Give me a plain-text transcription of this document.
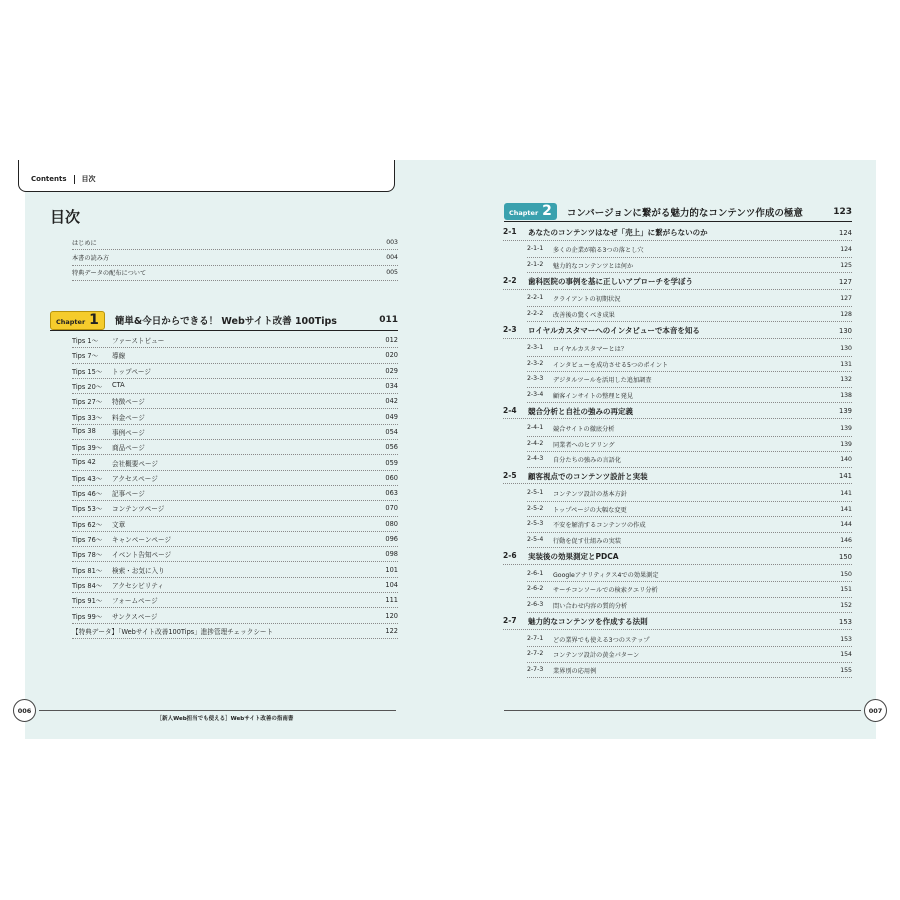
Contents 目次
目次
はじめに	003
本書の読み方	004
特典データの配布について	005
Chapter 1 簡単&今日からできる！ Webサイト改善 100Tips	011
Tips 1〜	ファーストビュー	012
Tips 7〜	導線	020
Tips 15〜	トップページ	029
Tips 20〜	CTA	034
Tips 27〜	特徴ページ	042
Tips 33〜	料金ページ	049
Tips 38	事例ページ	054
Tips 39〜	商品ページ	056
Tips 42	会社概要ページ	059
Tips 43〜	アクセスページ	060
Tips 46〜	記事ページ	063
Tips 53〜	コンテンツページ	070
Tips 62〜	文章	080
Tips 76〜	キャンペーンページ	096
Tips 78〜	イベント告知ページ	098
Tips 81〜	検索・お気に入り	101
Tips 84〜	アクセシビリティ	104
Tips 91〜	フォームページ	111
Tips 99〜	サンクスページ	120
【特典データ】「Webサイト改善100Tips」進捗管理チェックシート	122
Chapter 2 コンバージョンに繋がる魅力的なコンテンツ作成の極意	123
2-1	あなたのコンテンツはなぜ「売上」に繋がらないのか	124
2-1-1	多くの企業が陥る3つの落とし穴	124
2-1-2	魅力的なコンテンツとは何か	125
2-2	歯科医院の事例を基に正しいアプローチを学ぼう	127
2-2-1	クライアントの初期状況	127
2-2-2	改善後の驚くべき成果	128
2-3	ロイヤルカスタマーへのインタビューで本音を知る	130
2-3-1	ロイヤルカスタマーとは？	130
2-3-2	インタビューを成功させる5つのポイント	131
2-3-3	デジタルツールを活用した追加調査	132
2-3-4	顧客インサイトの整理と発見	138
2-4	競合分析と自社の強みの再定義	139
2-4-1	競合サイトの徹底分析	139
2-4-2	同業者へのヒアリング	139
2-4-3	自分たちの強みの言語化	140
2-5	顧客視点でのコンテンツ設計と実装	141
2-5-1	コンテンツ設計の基本方針	141
2-5-2	トップページの大幅な変更	141
2-5-3	不安を解消するコンテンツの作成	144
2-5-4	行動を促す仕組みの実装	146
2-6	実装後の効果測定とPDCA	150
2-6-1	Googleアナリティクス4での効果測定	150
2-6-2	サーチコンソールでの検索クエリ分析	151
2-6-3	問い合わせ内容の質的分析	152
2-7	魅力的なコンテンツを作成する法則	153
2-7-1	どの業界でも使える3つのステップ	153
2-7-2	コンテンツ設計の黄金パターン	154
2-7-3	業界別の応用例	155
006	007
［新人Web担当でも使える］Webサイト改善の指南書
